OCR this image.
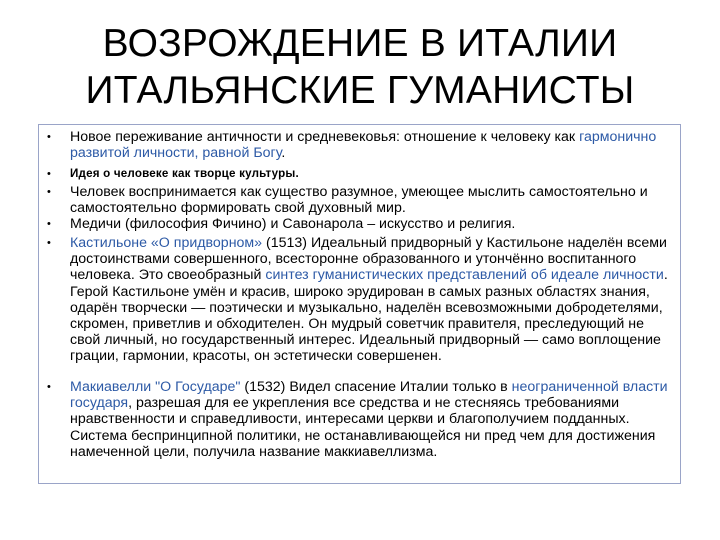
ВОЗРОЖДЕНИЕ В ИТАЛИИ
ИТАЛЬЯНСКИЕ ГУМАНИСТЫ
• Новое переживание античности и средневековья: отношение к человеку как гармонично развитой личности, равной Богу.
• Идея о человеке как творце культуры.
• Человек воспринимается как существо разумное, умеющее мыслить самостоятельно и самостоятельно формировать свой духовный мир.
• Медичи (философия Фичино) и Савонарола – искусство и религия.
• Кастильоне «О придворном» (1513) Идеальный придворный у Кастильоне наделён всеми достоинствами совершенного, всесторонне образованного и утончённо воспитанного человека. Это своеобразный синтез гуманистических представлений об идеале личности. Герой Кастильоне умён и красив, широко эрудирован в самых разных областях знания, одарён творчески — поэтически и музыкально, наделён всевозможными добродетелями, скромен, приветлив и обходителен. Он мудрый советчик правителя, преследующий не свой личный, но государственный интерес. Идеальный придворный — само воплощение грации, гармонии, красоты, он эстетически совершенен.
• Макиавелли "О Государе" (1532) Видел спасение Италии только в неограниченной власти государя, разрешая для ее укрепления все средства и не стесняясь требованиями нравственности и справедливости, интересами церкви и благополучием подданных. Система беспринципной политики, не останавливающейся ни пред чем для достижения намеченной цели, получила название маккиавеллизма.
